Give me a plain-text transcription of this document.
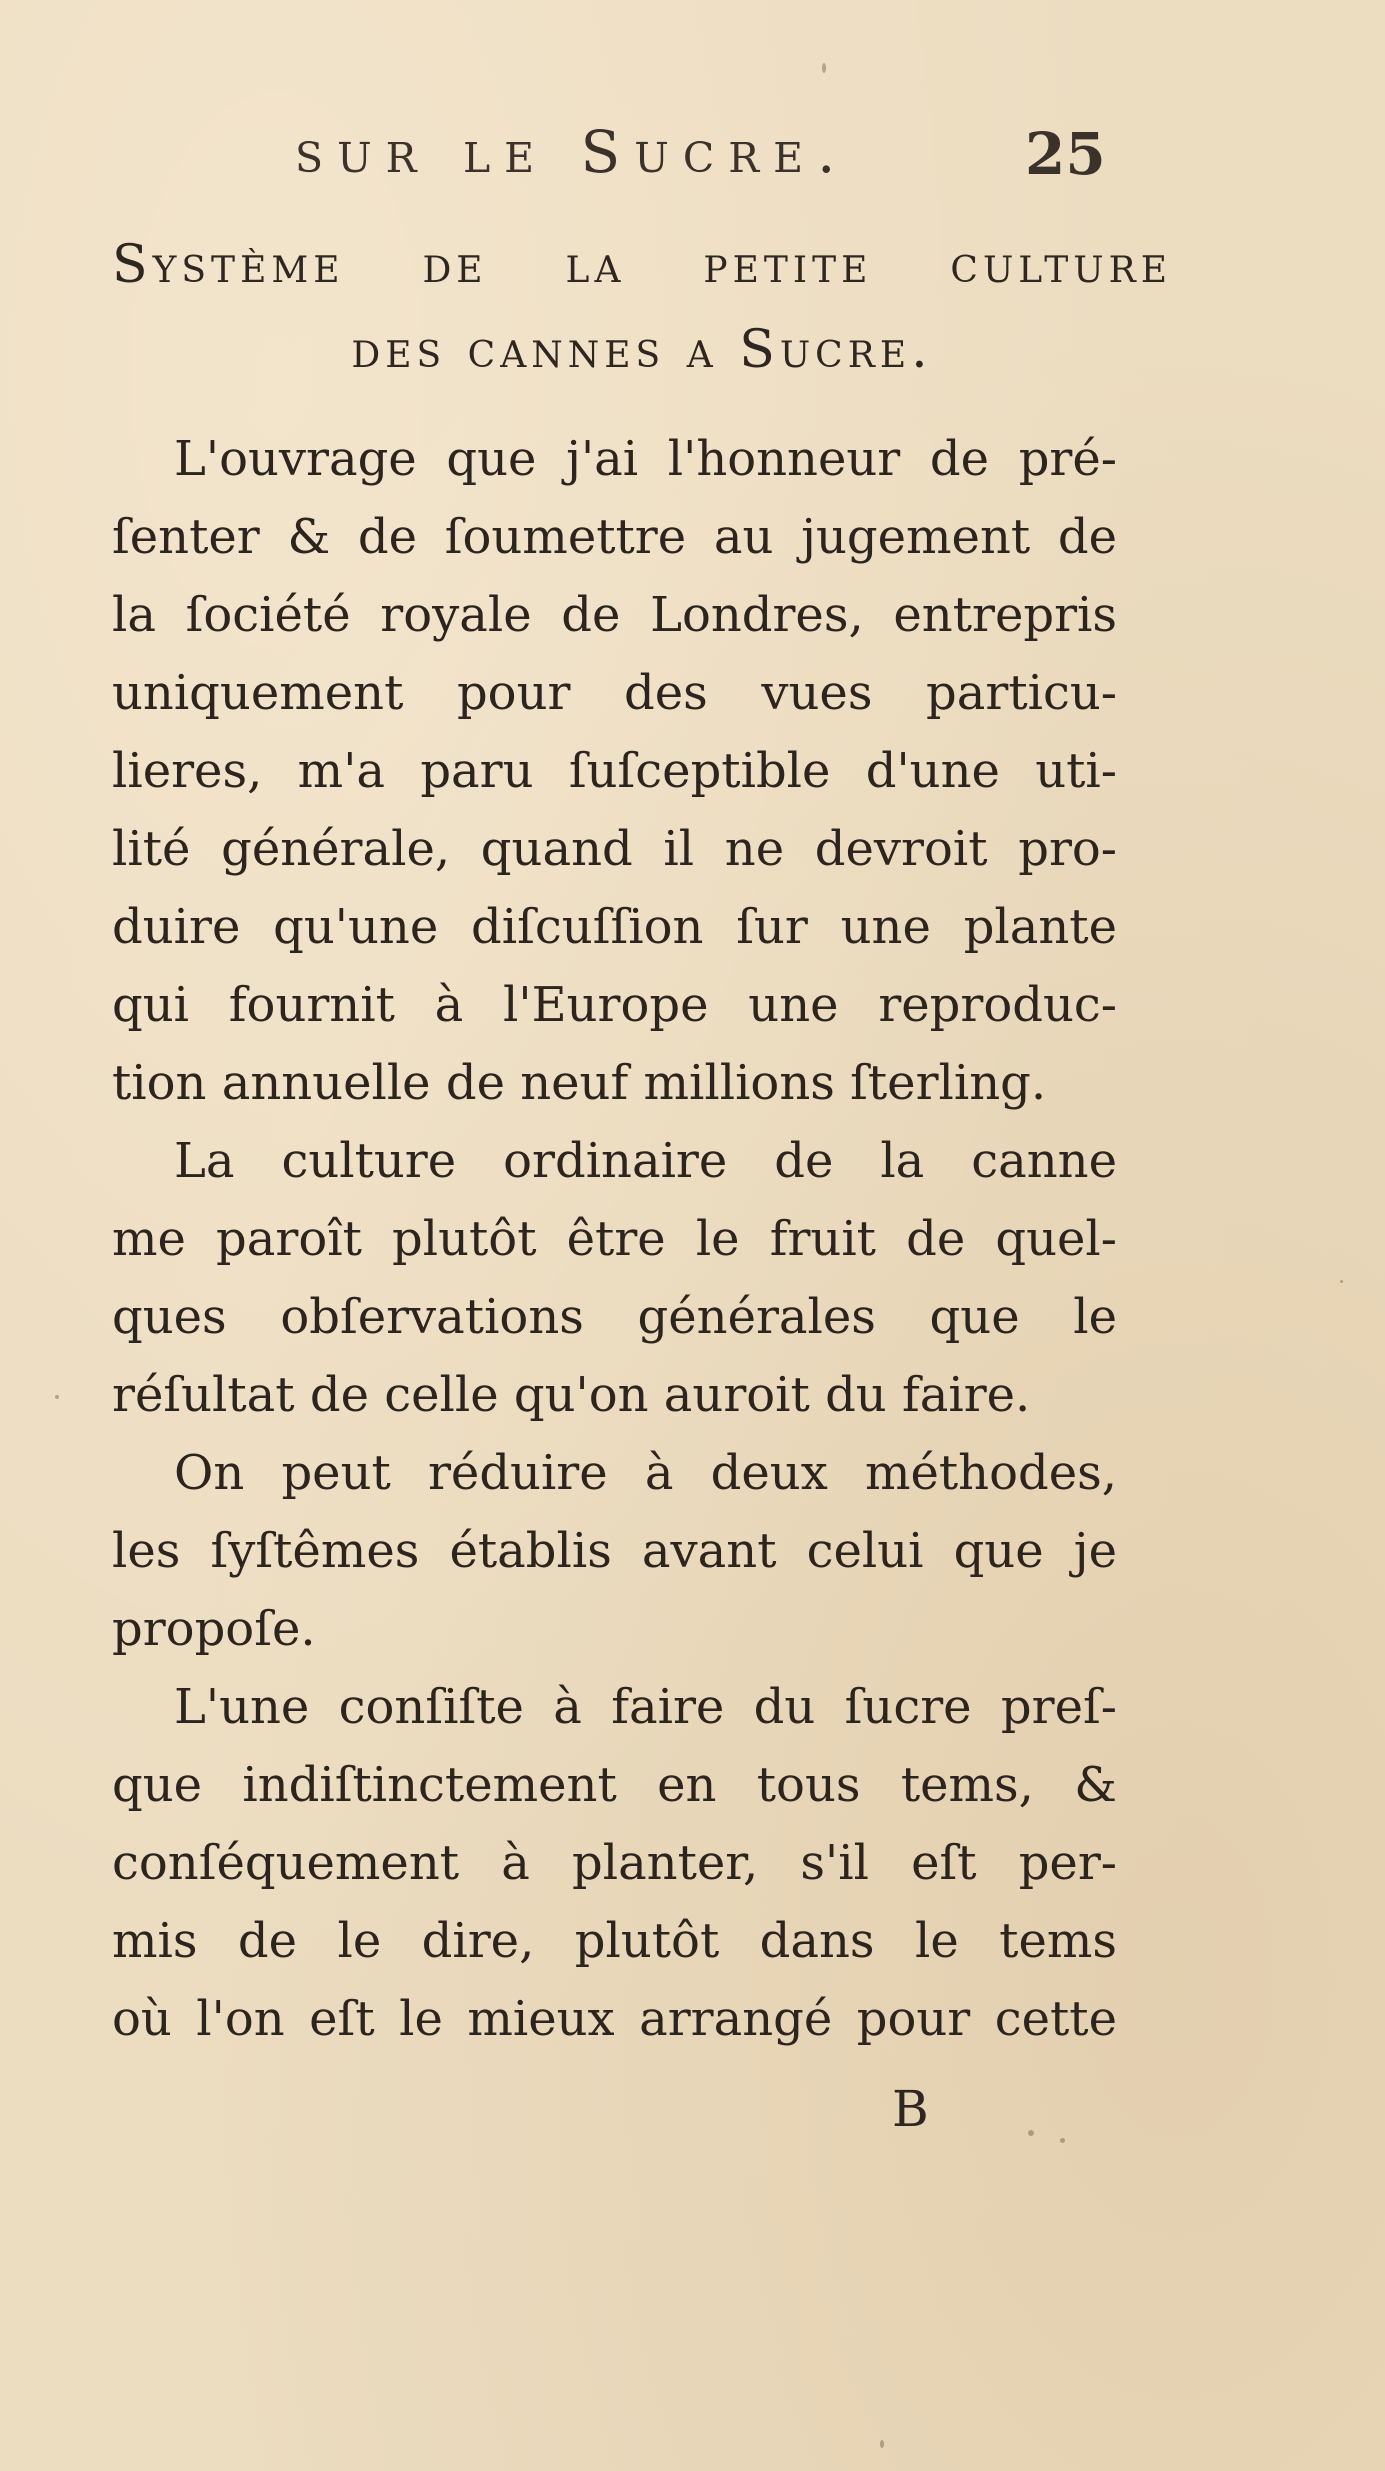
sur le Sucre.	25
Système de la petite culture
des cannes a Sucre.
L'ouvrage que j'ai l'honneur de pré-
ſenter & de ſoumettre au jugement de
la ſociété royale de Londres, entrepris
uniquement pour des vues particu-
lieres, m'a paru ſuſceptible d'une uti-
lité générale, quand il ne devroit pro-
duire qu'une diſcuſſion ſur une plante
qui fournit à l'Europe une reproduc-
tion annuelle de neuf millions ſterling.
La culture ordinaire de la canne
me paroît plutôt être le fruit de quel-
ques obſervations générales que le
réſultat de celle qu'on auroit du faire.
On peut réduire à deux méthodes,
les ſyſtêmes établis avant celui que je
propoſe.
L'une conſiſte à faire du ſucre preſ-
que indiſtinctement en tous tems, &
conſéquement à planter, s'il eſt per-
mis de le dire, plutôt dans le tems
où l'on eſt le mieux arrangé pour cette
B
